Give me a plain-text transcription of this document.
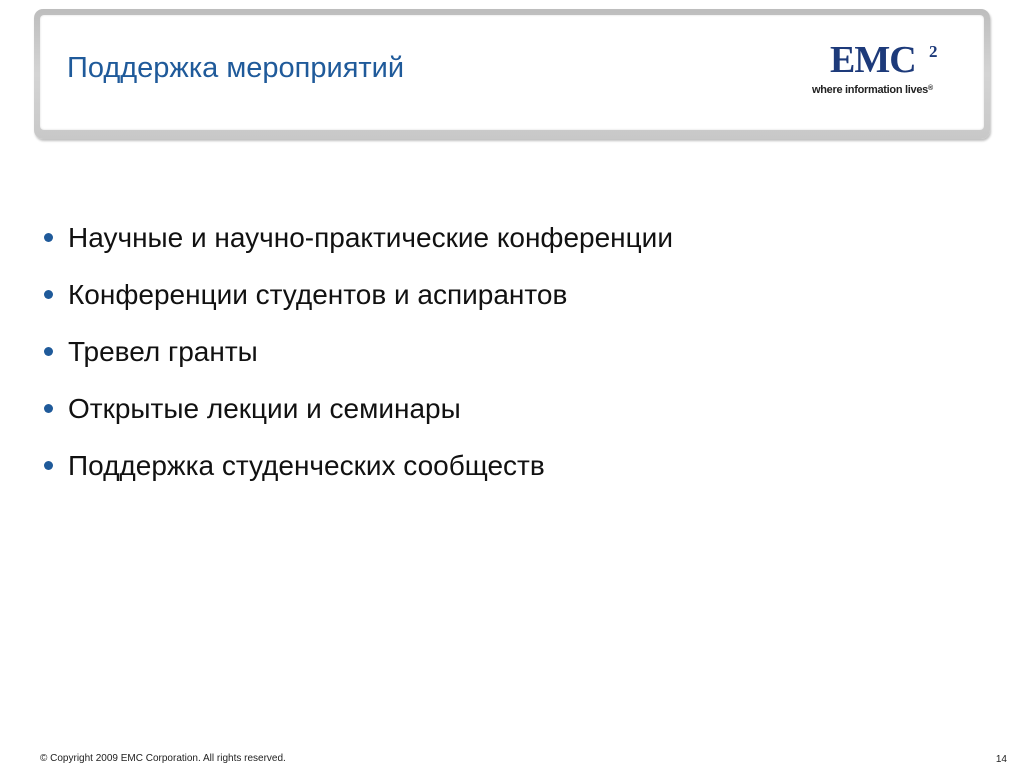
Поддержка мероприятий	EMC 2
where information lives®
Научные и научно-практические конференции
Конференции студентов и аспирантов
Тревел гранты
Открытые лекции и семинары
Поддержка студенческих сообществ
© Copyright 2009 EMC Corporation. All rights reserved.	14
